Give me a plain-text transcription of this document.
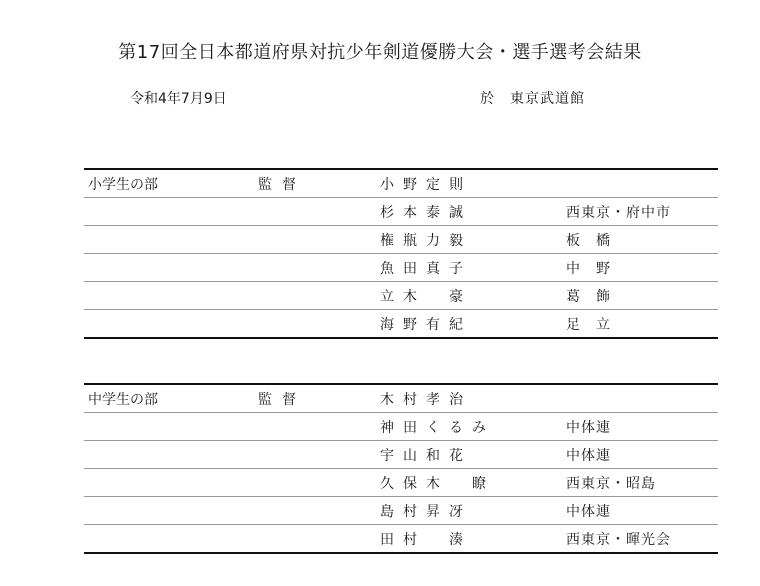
第17回全日本都道府県対抗少年剣道優勝大会・選手選考会結果
令和4年7月9日	於　東京武道館
小学生の部	監督	小野定則
杉本泰誠	西東京・府中市
権瓶力毅	板　橋
魚田真子	中　野
立木　豪	葛　飾
海野有紀	足　立
中学生の部	監督	木村孝治
神田くるみ	中体連
宇山和花	中体連
久保木　瞭	西東京・昭島
島村昇冴	中体連
田村　湊	西東京・暉光会
